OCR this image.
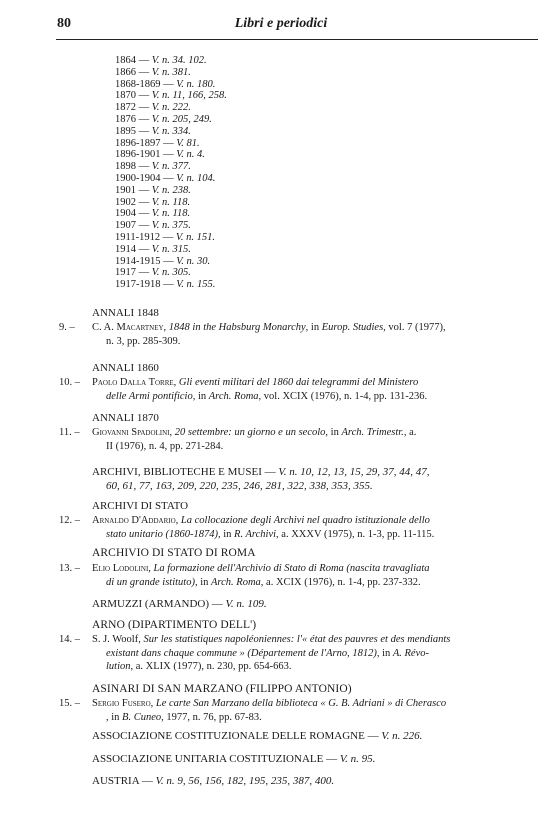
80	Libri e periodici
1864 — V. n. 34. 102.
1866 — V. n. 381.
1868-1869 — V. n. 180.
1870 — V. n. 11, 166, 258.
1872 — V. n. 222.
1876 — V. n. 205, 249.
1895 — V. n. 334.
1896-1897 — V. 81.
1896-1901 — V. n. 4.
1898 — V. n. 377.
1900-1904 — V. n. 104.
1901 — V. n. 238.
1902 — V. n. 118.
1904 — V. n. 118.
1907 — V. n. 375.
1911-1912 — V. n. 151.
1914 — V. n. 315.
1914-1915 — V. n. 30.
1917 — V. n. 305.
1917-1918 — V. n. 155.
ANNALI 1848
9. – C. A. Macartney, 1848 in the Habsburg Monarchy, in Europ. Studies, vol. 7 (1977),
n. 3, pp. 285-309.
ANNALI 1860
10. – Paolo Dalla Torre, Gli eventi militari del 1860 dai telegrammi del Ministero
delle Armi pontificio, in Arch. Roma, vol. XCIX (1976), n. 1-4, pp. 131-236.
ANNALI 1870
11. – Giovanni Spadolini, 20 settembre: un giorno e un secolo, in Arch. Trimestr., a.
II (1976), n. 4, pp. 271-284.
ARCHIVI, BIBLIOTECHE E MUSEI — V. n. 10, 12, 13, 15, 29, 37, 44, 47,
60, 61, 77, 163, 209, 220, 235, 246, 281, 322, 338, 353, 355.
ARCHIVI DI STATO
12. – Arnaldo D'Addario, La collocazione degli Archivi nel quadro istituzionale dello
stato unitario (1860-1874), in R. Archivi, a. XXXV (1975), n. 1-3, pp. 11-115.
ARCHIVIO DI STATO DI ROMA
13. – Elio Lodolini, La formazione dell'Archivio di Stato di Roma (nascita travagliata
di un grande istituto), in Arch. Roma, a. XCIX (1976), n. 1-4, pp. 237-332.
ARMUZZI (ARMANDO) — V. n. 109.
ARNO (DIPARTIMENTO DELL')
14. – S. J. Woolf, Sur les statistiques napoléoniennes: l'« état des pauvres et des mendiants
existant dans chaque commune » (Département de l'Arno, 1812), in A. Révo-
lution, a. XLIX (1977), n. 230, pp. 654-663.
ASINARI DI SAN MARZANO (FILIPPO ANTONIO)
15. – Sergio Fusero, Le carte San Marzano della biblioteca « G. B. Adriani » di Cherasco
, in B. Cuneo, 1977, n. 76, pp. 67-83.
ASSOCIAZIONE COSTITUZIONALE DELLE ROMAGNE — V. n. 226.
ASSOCIAZIONE UNITARIA COSTITUZIONALE — V. n. 95.
AUSTRIA — V. n. 9, 56, 156, 182, 195, 235, 387, 400.
